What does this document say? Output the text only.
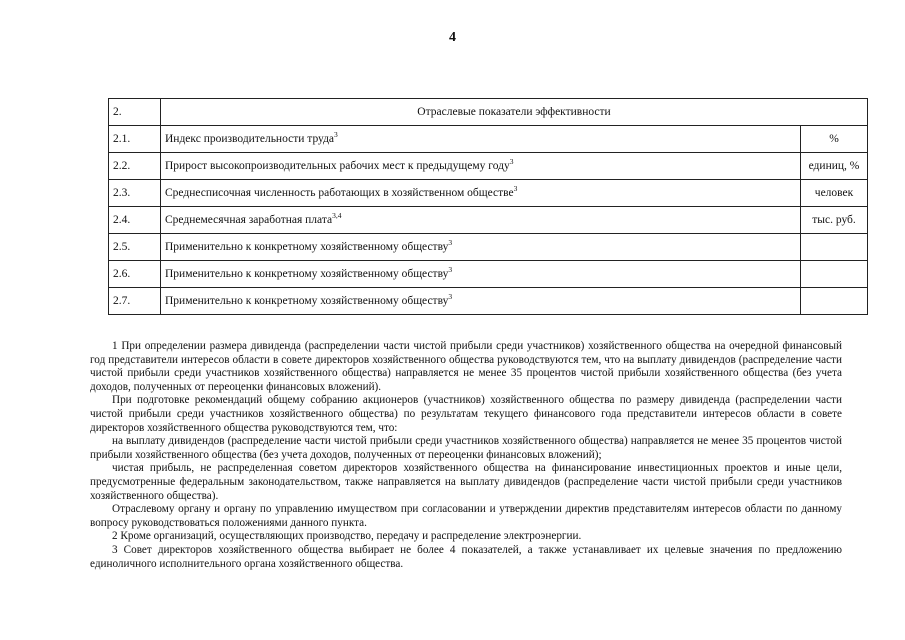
4
2.	Отраслевые показатели эффективности	
2.1.	Индекс производительности труда$^3$	%
2.2.	Прирост высокопроизводительных рабочих мест к предыдущему году$^3$	единиц, %
2.3.	Среднесписочная численность работающих в хозяйственном обществе$^3$	человек
2.4.	Среднемесячная заработная плата$^{3,4}$	тыс. руб.
2.5.	Применительно к конкретному хозяйственному обществу$^3$	
2.6.	Применительно к конкретному хозяйственному обществу$^3$	
2.7.	Применительно к конкретному хозяйственному обществу$^3$	

1 При определении размера дивиденда (распределении части чистой прибыли среди участников) хозяйственного общества на очередной финансовый год представители интересов области в совете директоров хозяйственного общества руководствуются тем, что на выплату дивидендов (распределение части чистой прибыли среди участников хозяйственного общества) направляется не менее 35 процентов чистой прибыли хозяйственного общества (без учета доходов, полученных от переоценки финансовых вложений).

При подготовке рекомендаций общему собранию акционеров (участников) хозяйственного общества по размеру дивиденда (распределении части чистой прибыли среди участников хозяйственного общества) по результатам текущего финансового года представители интересов области в совете директоров хозяйственного общества руководствуются тем, что:

на выплату дивидендов (распределение части чистой прибыли среди участников хозяйственного общества) направляется не менее 35 процентов чистой прибыли хозяйственного общества (без учета доходов, полученных от переоценки финансовых вложений);

чистая прибыль, не распределенная советом директоров хозяйственного общества на финансирование инвестиционных проектов и иные цели, предусмотренные федеральным законодательством, также направляется на выплату дивидендов (распределение части чистой прибыли среди участников хозяйственного общества).

Отраслевому органу и органу по управлению имуществом при согласовании и утверждении директив представителям интересов области по данному вопросу руководствоваться положениями данного пункта.

2 Кроме организаций, осуществляющих производство, передачу и распределение электроэнергии.

3 Совет директоров хозяйственного общества выбирает не более 4 показателей, а также устанавливает их целевые значения по предложению единоличного исполнительного органа хозяйственного общества.
